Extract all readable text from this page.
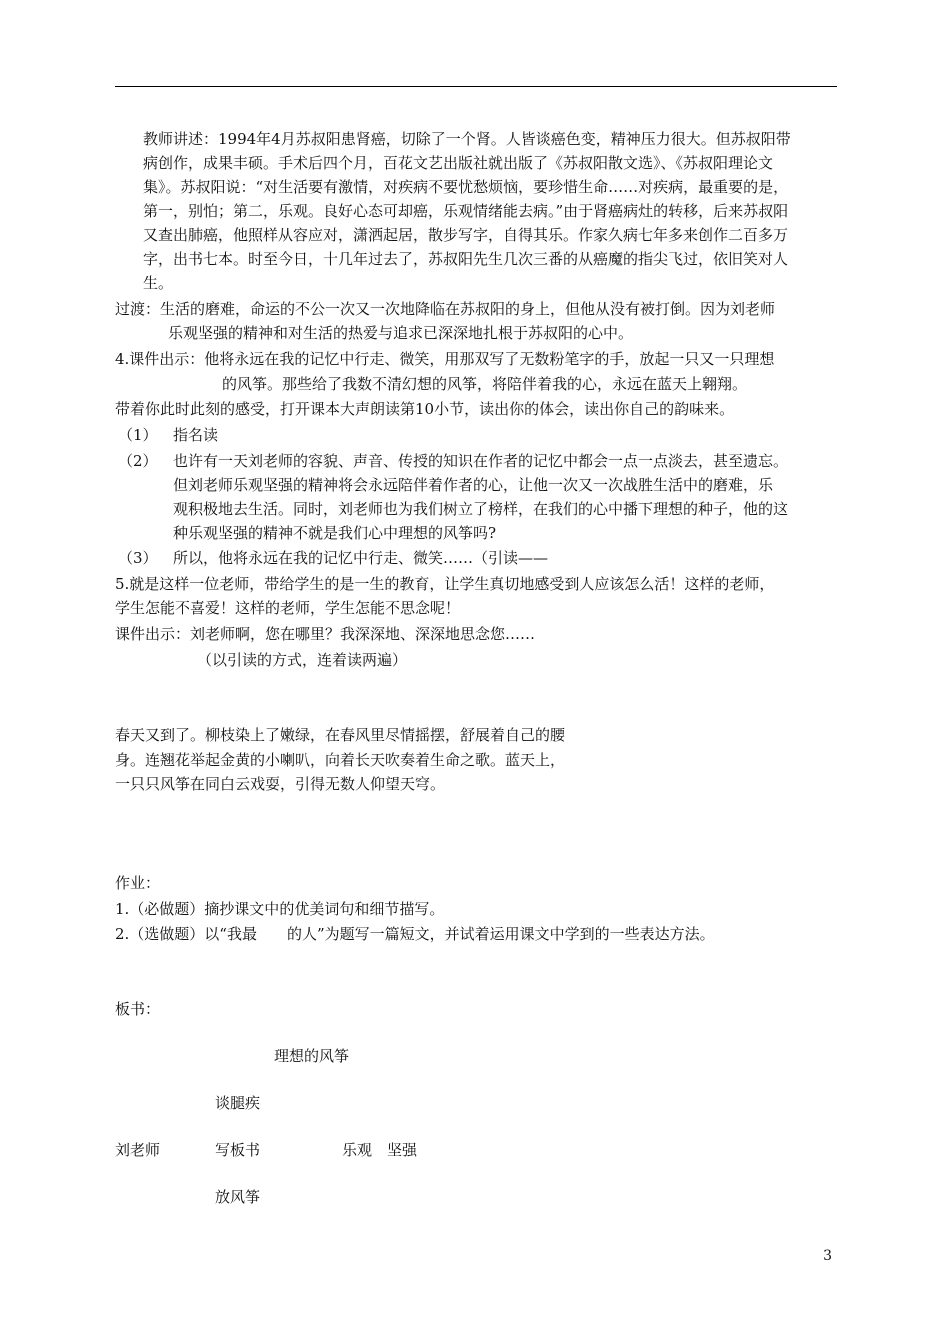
教师讲述：1994年4月苏叔阳患肾癌，切除了一个肾。人皆谈癌色变，精神压力很大。但苏叔阳带
病创作，成果丰硕。手术后四个月，百花文艺出版社就出版了《苏叔阳散文选》、《苏叔阳理论文
集》。苏叔阳说：“对生活要有激情，对疾病不要忧愁烦恼，要珍惜生命……对疾病，最重要的是，
第一，别怕；第二，乐观。良好心态可却癌，乐观情绪能去病。”由于肾癌病灶的转移，后来苏叔阳
又查出肺癌，他照样从容应对，潇洒起居，散步写字，自得其乐。作家久病七年多来创作二百多万
字，出书七本。时至今日，十几年过去了，苏叔阳先生几次三番的从癌魔的指尖飞过，依旧笑对人
生。
过渡：生活的磨难，命运的不公一次又一次地降临在苏叔阳的身上，但他从没有被打倒。因为刘老师
乐观坚强的精神和对生活的热爱与追求已深深地扎根于苏叔阳的心中。
4.课件出示：他将永远在我的记忆中行走、微笑，用那双写了无数粉笔字的手，放起一只又一只理想
的风筝。那些给了我数不清幻想的风筝，将陪伴着我的心，永远在蓝天上翱翔。
带着你此时此刻的感受，打开课本大声朗读第10小节，读出你的体会，读出你自己的韵味来。
（1） 指名读
（2） 也许有一天刘老师的容貌、声音、传授的知识在作者的记忆中都会一点一点淡去，甚至遗忘。
但刘老师乐观坚强的精神将会永远陪伴着作者的心，让他一次又一次战胜生活中的磨难，乐
观积极地去生活。同时，刘老师也为我们树立了榜样，在我们的心中播下理想的种子，他的这
种乐观坚强的精神不就是我们心中理想的风筝吗?
（3） 所以，他将永远在我的记忆中行走、微笑……（引读——
5.就是这样一位老师，带给学生的是一生的教育，让学生真切地感受到人应该怎么活！这样的老师，
学生怎能不喜爱！这样的老师，学生怎能不思念呢！
课件出示：刘老师啊，您在哪里？我深深地、深深地思念您……
（以引读的方式，连着读两遍）
春天又到了。柳枝染上了嫩绿，在春风里尽情摇摆，舒展着自己的腰
身。连翘花举起金黄的小喇叭，向着长天吹奏着生命之歌。蓝天上，
一只只风筝在同白云戏耍，引得无数人仰望天穹。
作业：
1.（必做题）摘抄课文中的优美词句和细节描写。
2.（选做题）以“我最　　的人”为题写一篇短文，并试着运用课文中学到的一些表达方法。
板书：
理想的风筝
谈腿疾
刘老师	写板书	乐观　坚强
放风筝
3
